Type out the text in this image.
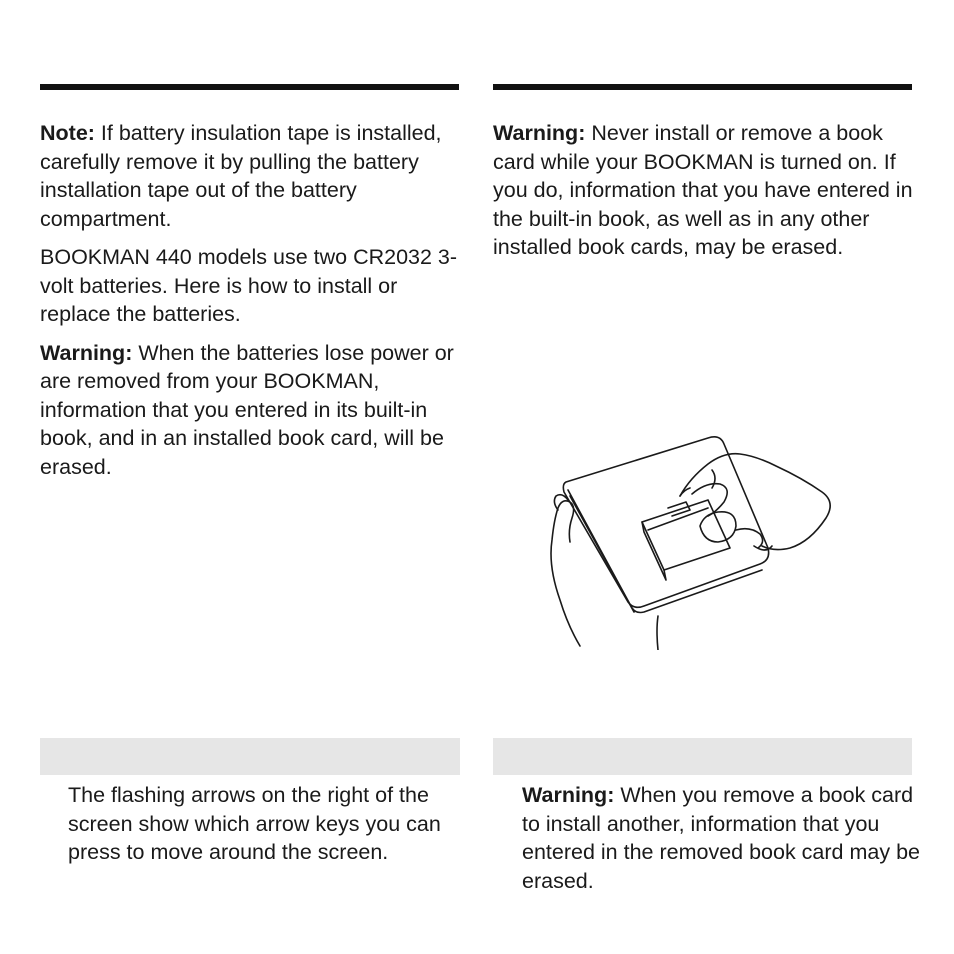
Note: If battery insulation tape is installed, carefully remove it by pulling the battery installation tape out of the battery compartment.

BOOKMAN 440 models use two CR2032 3-volt batteries. Here is how to install or replace the batteries.

Warning: When the batteries lose power or are removed from your BOOKMAN, information that you entered in its built-in book, and in an installed book card, will be erased.

Warning: Never install or remove a book card while your BOOKMAN is turned on. If you do, information that you have entered in the built-in book, as well as in any other installed book cards, may be erased.

The flashing arrows on the right of the screen show which arrow keys you can press to move around the screen.

Warning: When you remove a book card to install another, information that you entered in the removed book card may be erased.
